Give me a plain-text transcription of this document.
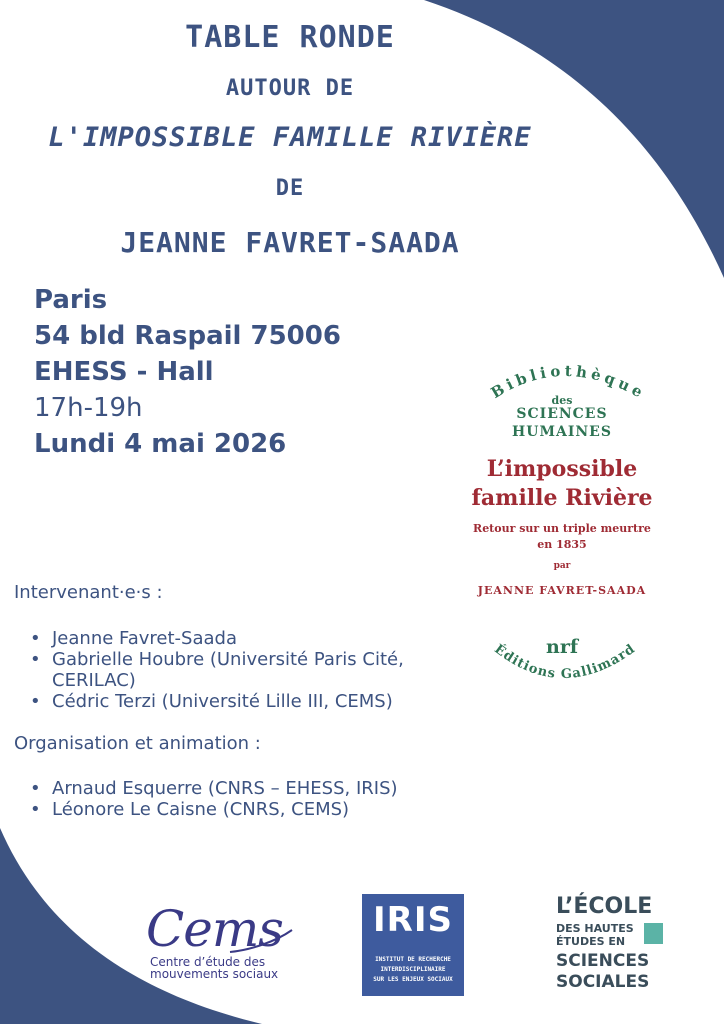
TABLE RONDE

AUTOUR DE

L'IMPOSSIBLE FAMILLE RIVIÈRE

DE

JEANNE FAVRET-SAADA

Paris
54 bld Raspail 75006
EHESS - Hall
17h-19h
Lundi 4 mai 2026

Intervenant·e·s :

• Jeanne Favret-Saada
• Gabrielle Houbre (Université Paris Cité, CERILAC)
• Cédric Terzi (Université Lille III, CEMS)

Organisation et animation :

• Arnaud Esquerre (CNRS – EHESS, IRIS)
• Léonore Le Caisne (CNRS, CEMS)
Bibliothèque
Éditions Gallimard

des

SCIENCES

HUMAINES

L’impossible

famille Rivière

Retour sur un triple meurtre

en 1835

par

JEANNE FAVRET-SAADA

nrf

Cems

Centre d’étude des

mouvements sociaux

IRIS

INSTITUT DE RECHERCHE

INTERDISCIPLINAIRE

SUR LES ENJEUX SOCIAUX

L’ÉCOLE

DES HAUTES

ÉTUDES EN

SCIENCES

SOCIALES
